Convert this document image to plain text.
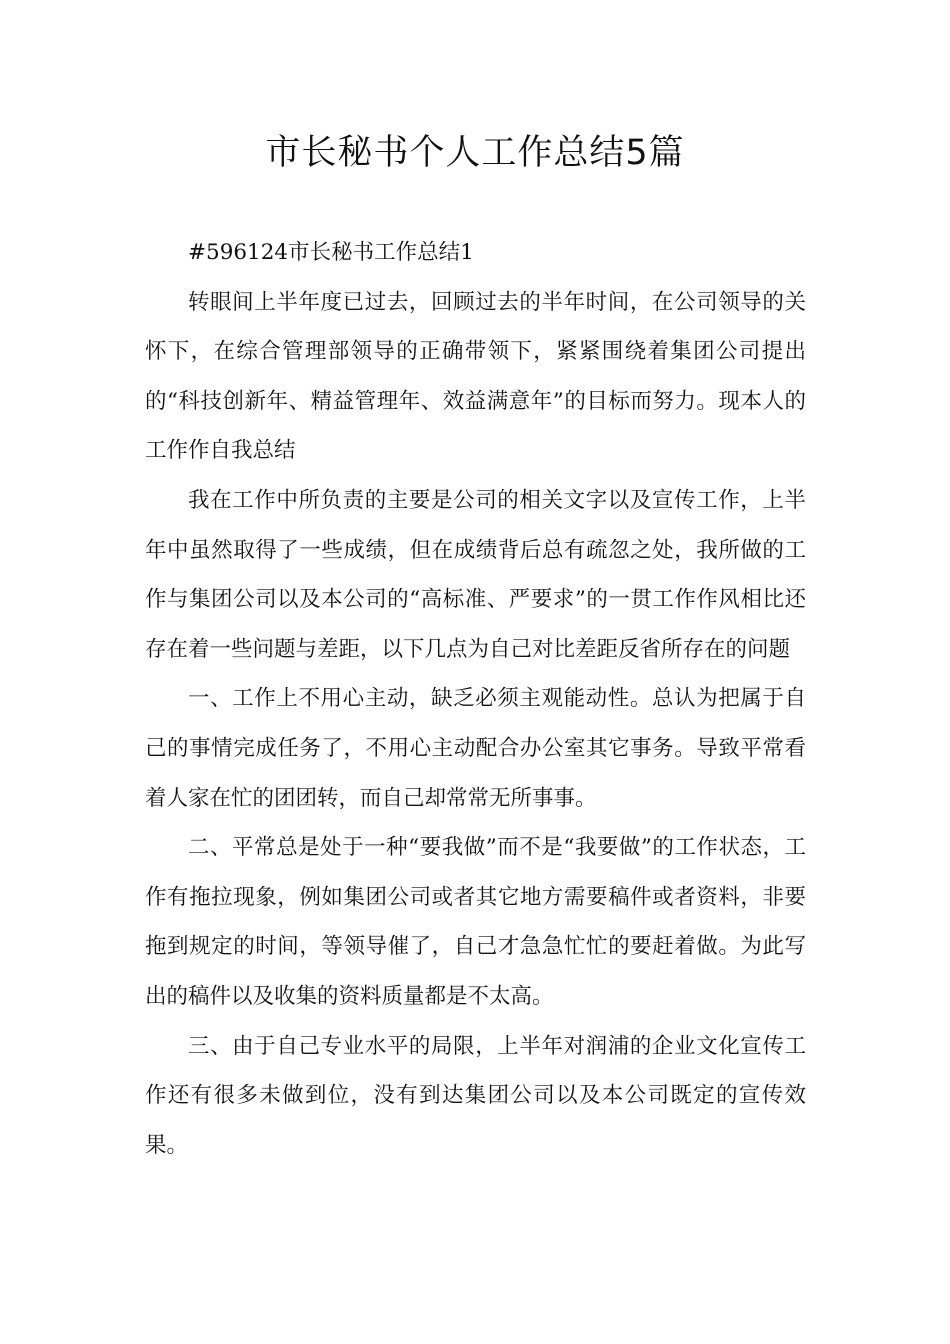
市长秘书个人工作总结5篇

#596124市长秘书工作总结1

转眼间上半年度已过去，回顾过去的半年时间，在公司领导的关怀下，在综合管理部领导的正确带领下，紧紧围绕着集团公司提出的“科技创新年、精益管理年、效益满意年”的目标而努力。现本人的工作作自我总结

我在工作中所负责的主要是公司的相关文字以及宣传工作，上半年中虽然取得了一些成绩，但在成绩背后总有疏忽之处，我所做的工作与集团公司以及本公司的“高标准、严要求”的一贯工作作风相比还存在着一些问题与差距，以下几点为自己对比差距反省所存在的问题

一、工作上不用心主动，缺乏必须主观能动性。总认为把属于自己的事情完成任务了，不用心主动配合办公室其它事务。导致平常看着人家在忙的团团转，而自己却常常无所事事。

二、平常总是处于一种“要我做”而不是“我要做”的工作状态，工作有拖拉现象，例如集团公司或者其它地方需要稿件或者资料，非要拖到规定的时间，等领导催了，自己才急急忙忙的要赶着做。为此写出的稿件以及收集的资料质量都是不太高。

三、由于自己专业水平的局限，上半年对润浦的企业文化宣传工作还有很多未做到位，没有到达集团公司以及本公司既定的宣传效果。
